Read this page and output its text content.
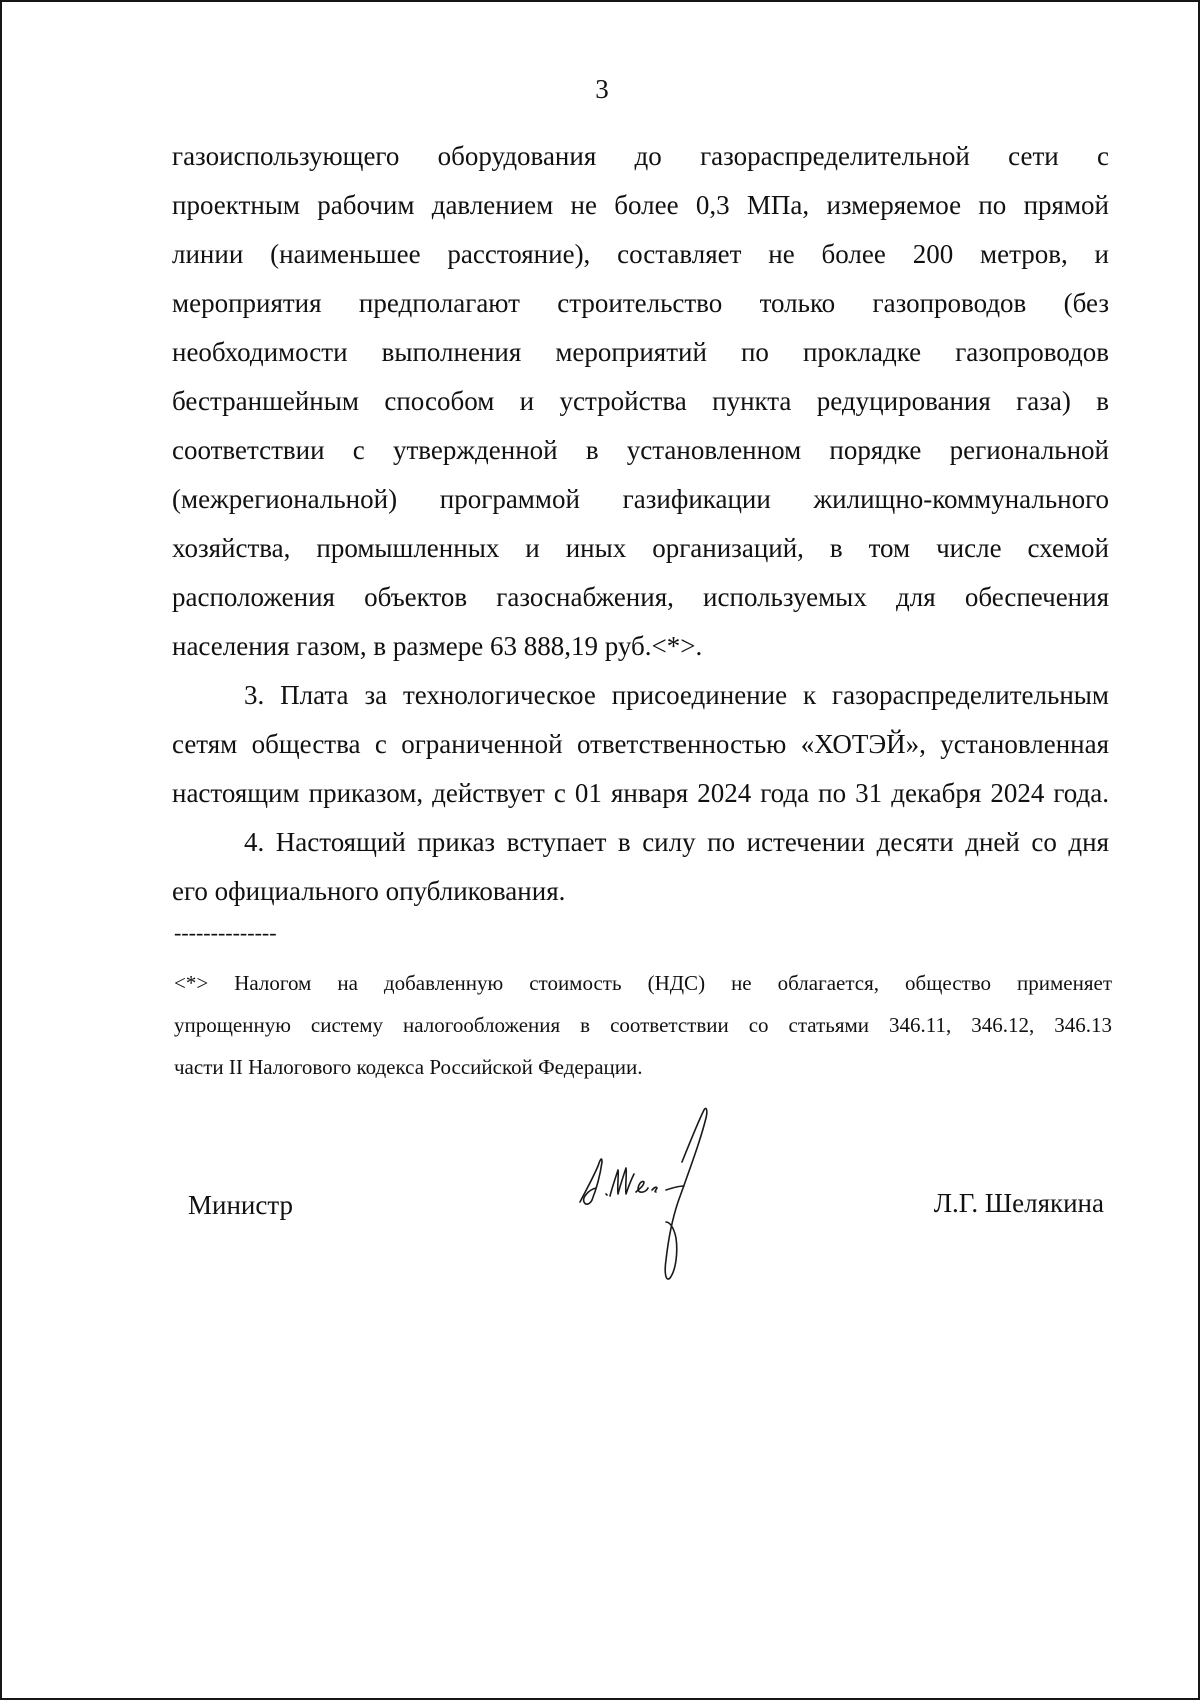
3
газоиспользующего оборудования до газораспределительной сети с
проектным рабочим давлением не более 0,3 МПа, измеряемое по прямой
линии (наименьшее расстояние), составляет не более 200 метров, и
мероприятия предполагают строительство только газопроводов (без
необходимости выполнения мероприятий по прокладке газопроводов
бестраншейным способом и устройства пункта редуцирования газа) в
соответствии с утвержденной в установленном порядке региональной
(межрегиональной) программой газификации жилищно-коммунального
хозяйства, промышленных и иных организаций, в том числе схемой
расположения объектов газоснабжения, используемых для обеспечения
населения газом, в размере 63 888,19 руб.<*>.
3. Плата за технологическое присоединение к газораспределительным
сетям общества с ограниченной ответственностью «ХОТЭЙ», установленная
настоящим приказом, действует с 01 января 2024 года по 31 декабря 2024 года.
4. Настоящий приказ вступает в силу по истечении десяти дней со дня
его официального опубликования.
--------------
<*> Налогом на добавленную стоимость (НДС) не облагается, общество применяет
упрощенную систему налогообложения в соответствии со статьями 346.11, 346.12, 346.13
части II Налогового кодекса Российской Федерации.
Министр	Л.Г. Шелякина
